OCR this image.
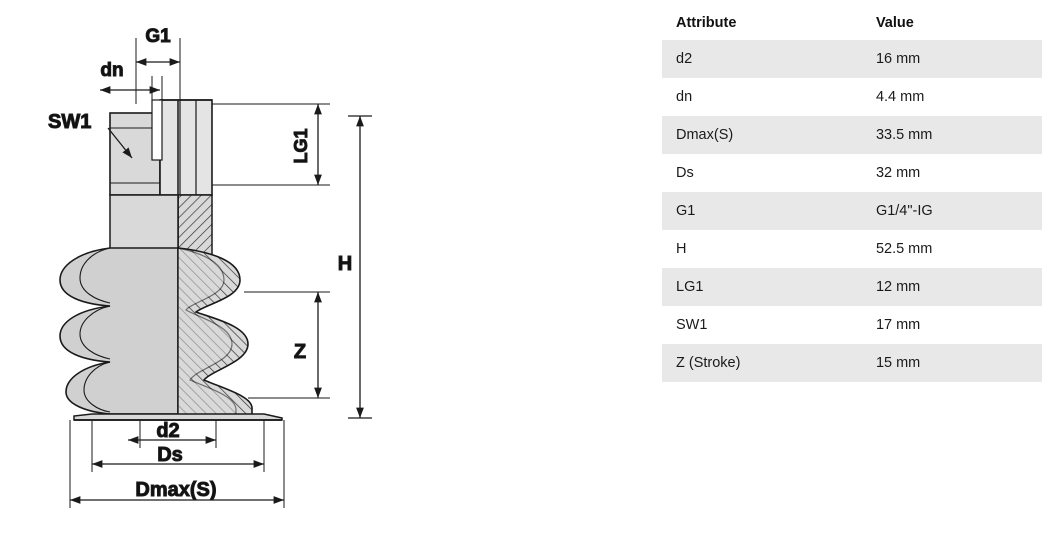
G1
dn
SW1
LG1
H
Z
d2
Ds
Dmax(S)
Attribute	Value
d2	16 mm
dn	4.4 mm
Dmax(S)	33.5 mm
Ds	32 mm
G1	G1/4"-IG
H	52.5 mm
LG1	12 mm
SW1	17 mm
Z (Stroke)	15 mm
